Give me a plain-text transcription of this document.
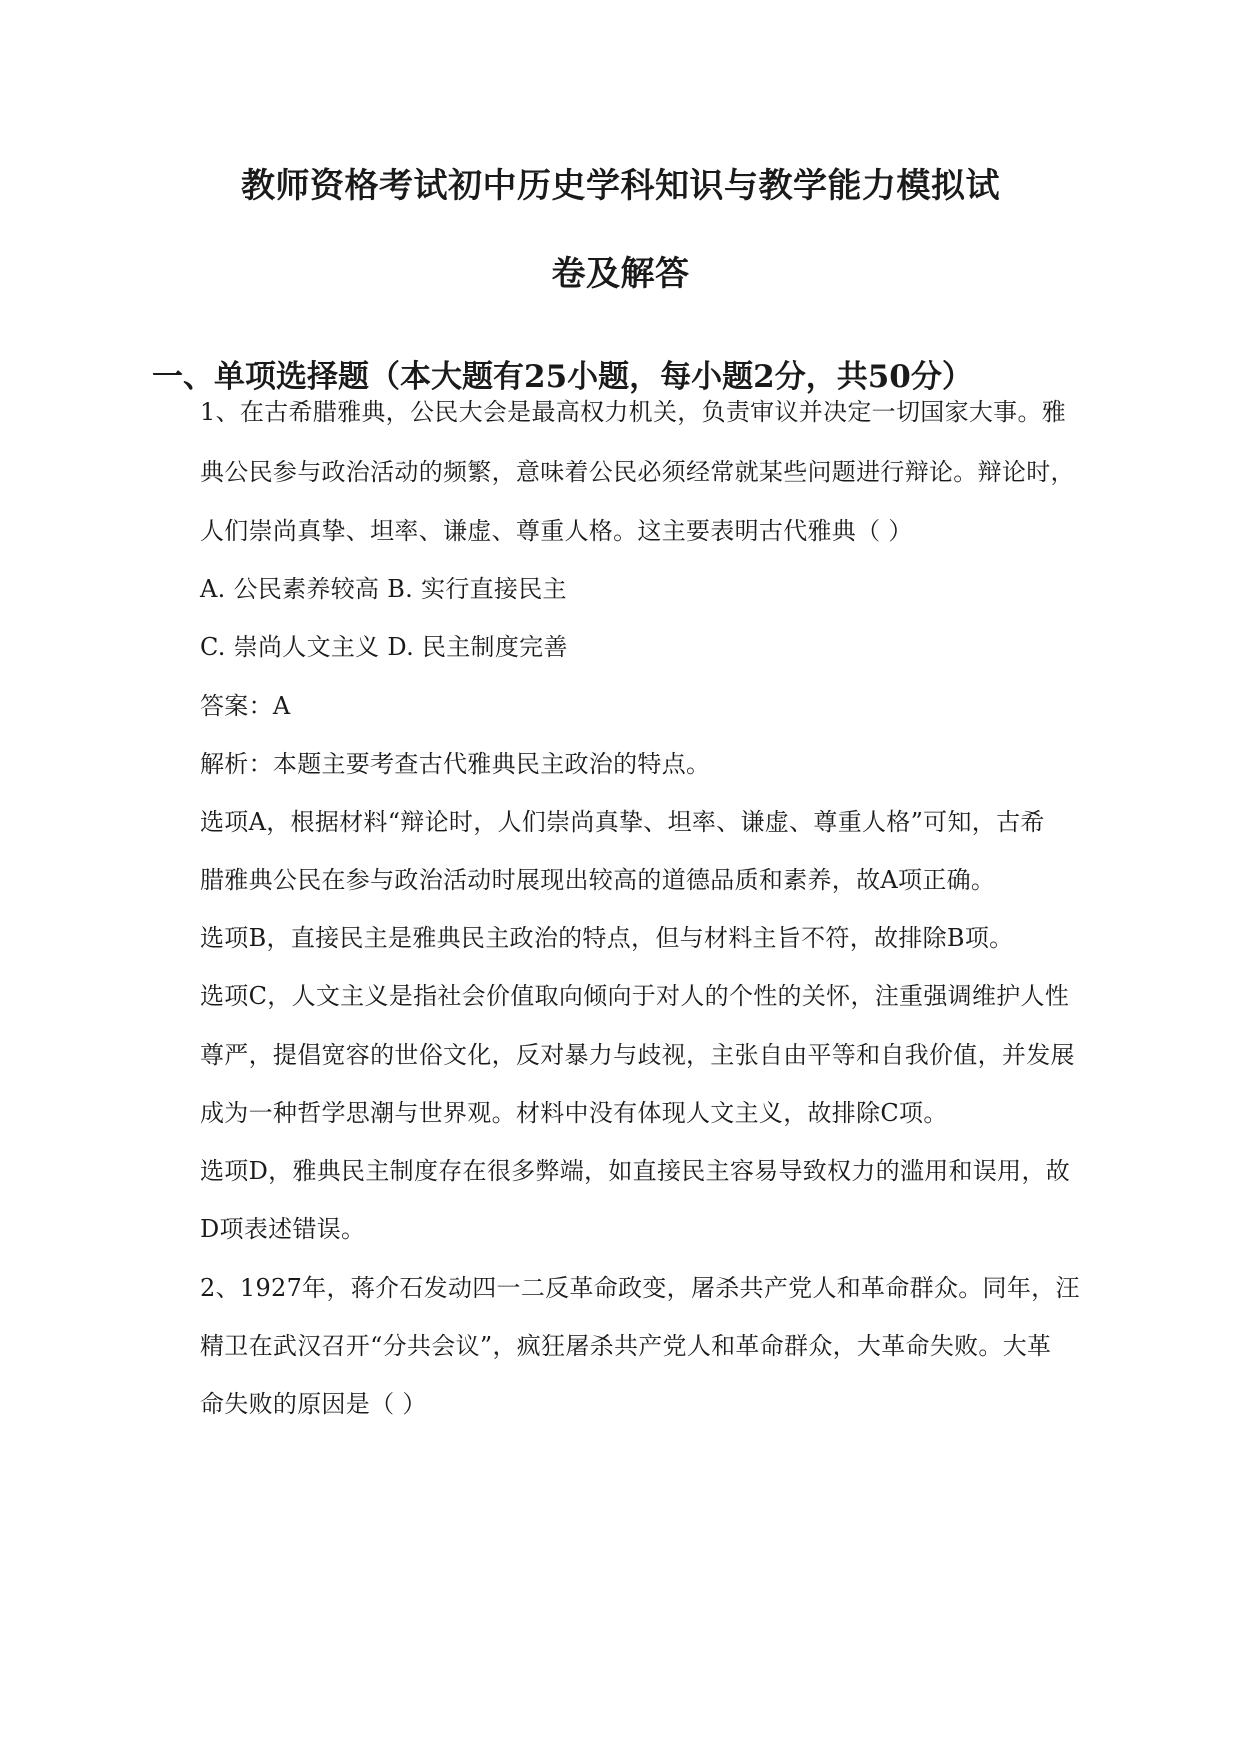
教师资格考试初中历史学科知识与教学能力模拟试
卷及解答
一、单项选择题（本大题有25小题，每小题2分，共50分）
1、在古希腊雅典，公民大会是最高权力机关，负责审议并决定一切国家大事。雅
典公民参与政治活动的频繁，意味着公民必须经常就某些问题进行辩论。辩论时，
人们崇尚真挚、坦率、谦虚、尊重人格。这主要表明古代雅典（ ）
A. 公民素养较高 B. 实行直接民主
C. 崇尚人文主义 D. 民主制度完善
答案：A
解析：本题主要考查古代雅典民主政治的特点。
选项A，根据材料“辩论时，人们崇尚真挚、坦率、谦虚、尊重人格”可知，古希
腊雅典公民在参与政治活动时展现出较高的道德品质和素养，故A项正确。
选项B，直接民主是雅典民主政治的特点，但与材料主旨不符，故排除B项。
选项C，人文主义是指社会价值取向倾向于对人的个性的关怀，注重强调维护人性
尊严，提倡宽容的世俗文化，反对暴力与歧视，主张自由平等和自我价值，并发展
成为一种哲学思潮与世界观。材料中没有体现人文主义，故排除C项。
选项D，雅典民主制度存在很多弊端，如直接民主容易导致权力的滥用和误用，故
D项表述错误。
2、1927年，蒋介石发动四一二反革命政变，屠杀共产党人和革命群众。同年，汪
精卫在武汉召开“分共会议”，疯狂屠杀共产党人和革命群众，大革命失败。大革
命失败的原因是（ ）
